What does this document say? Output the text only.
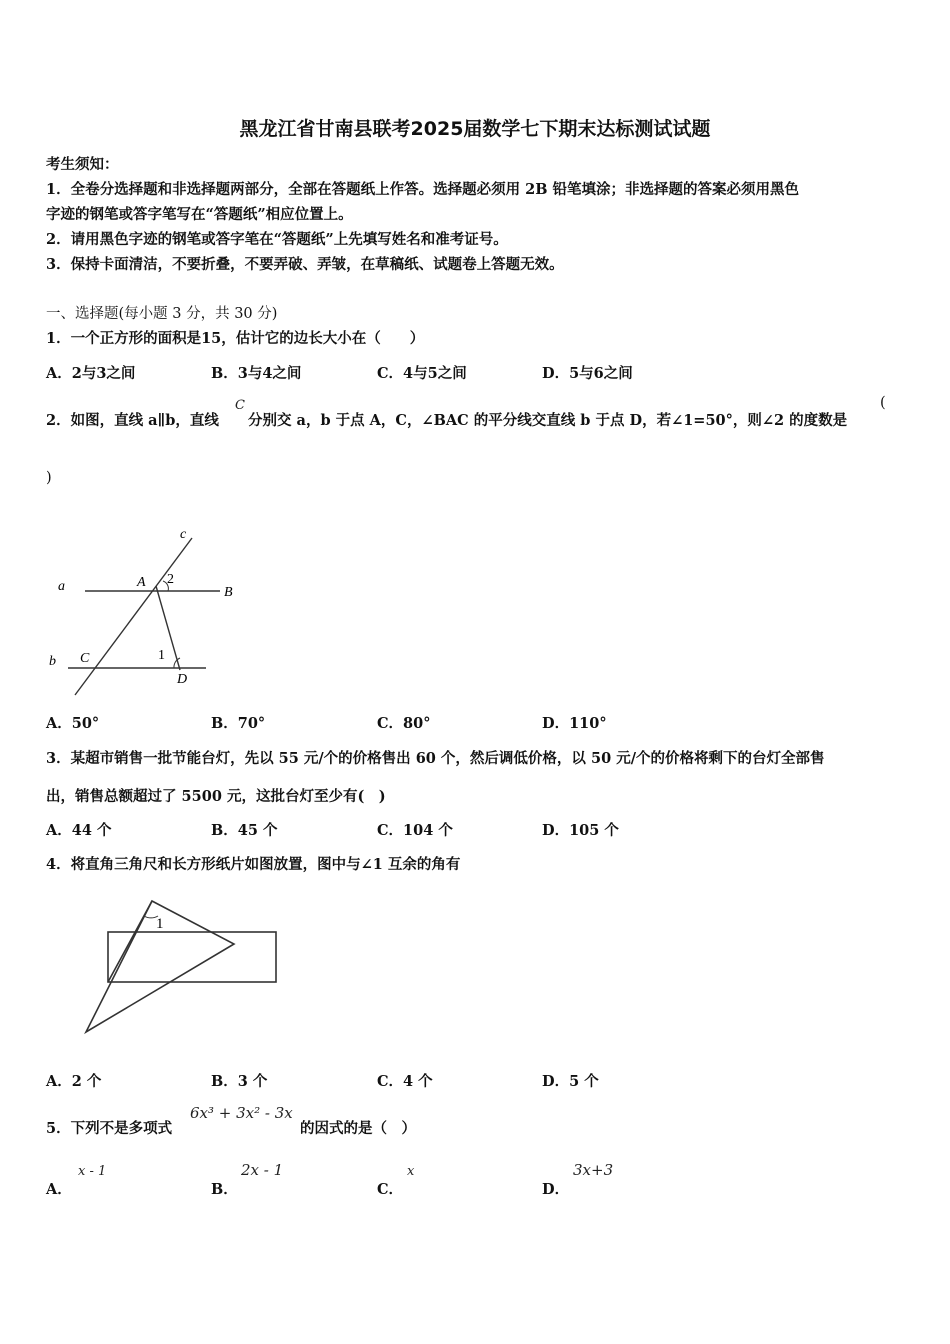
黑龙江省甘南县联考2025届数学七下期末达标测试试题
考生须知：
1．全卷分选择题和非选择题两部分，全部在答题纸上作答。选择题必须用 2B 铅笔填涂；非选择题的答案必须用黑色
字迹的钢笔或答字笔写在“答题纸”相应位置上。
2．请用黑色字迹的钢笔或答字笔在“答题纸”上先填写姓名和准考证号。
3．保持卡面清洁，不要折叠，不要弄破、弄皱，在草稿纸、试题卷上答题无效。
一、选择题(每小题 3 分，共 30 分)
1．一个正方形的面积是15，估计它的边长大小在（　　）
A．2与3之间	B．3与4之间	C．4与5之间	D．5与6之间
2．如图，直线 a∥b，直线
C
分别交 a，b 于点 A，C，∠BAC 的平分线交直线 b 于点 D，若∠1=50°，则∠2 的度数是
(
)
c
a	A 2
B
b C	1
D
A．50°	B．70°	C．80°	D．110°
3．某超市销售一批节能台灯，先以 55 元/个的价格售出 60 个，然后调低价格，以 50 元/个的价格将剩下的台灯全部售
出，销售总额超过了 5500 元，这批台灯至少有(　)
A．44 个	B．45 个	C．104 个	D．105 个
4．将直角三角尺和长方形纸片如图放置，图中与∠1 互余的角有
1
A．2 个	B．3 个	C．4 个	D．5 个
5．下列不是多项式
6x³ + 3x² - 3x
的因式的是（　）
A．
x - 1
B．
2x - 1
C．
x
D．
3x+3
